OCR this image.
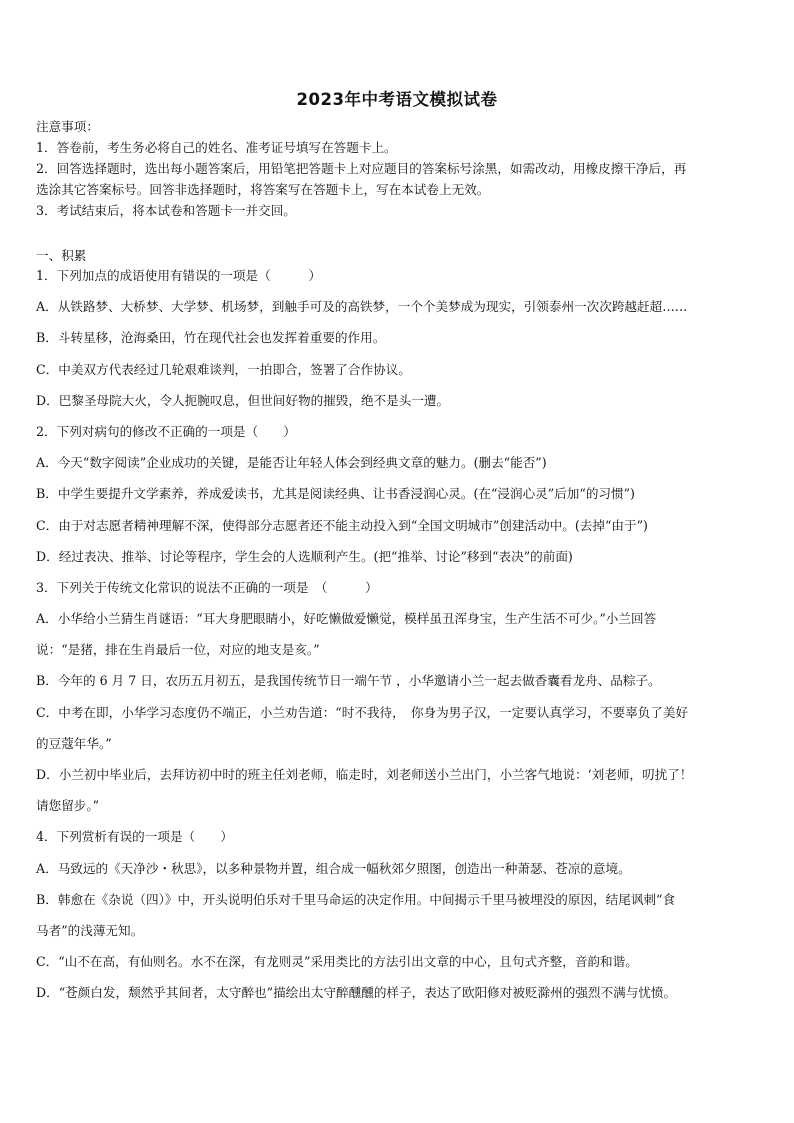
2023年中考语文模拟试卷
注意事项：
1．答卷前，考生务必将自己的姓名、准考证号填写在答题卡上。
2．回答选择题时，选出每小题答案后，用铅笔把答题卡上对应题目的答案标号涂黑，如需改动，用橡皮擦干净后，再
选涂其它答案标号。回答非选择题时，将答案写在答题卡上，写在本试卷上无效。
3．考试结束后，将本试卷和答题卡一并交回。
一、积累
1．下列加点的成语使用有错误的一项是（　　　）
A．从铁路梦、大桥梦、大学梦、机场梦，到触手可及的高铁梦，一个个美梦成为现实，引领泰州一次次跨越赶超……
B．斗转星移，沧海桑田，竹在现代社会也发挥着重要的作用。
C．中美双方代表经过几轮艰难谈判，一拍即合，签署了合作协议。
D．巴黎圣母院大火，令人扼腕叹息，但世间好物的摧毁，绝不是头一遭。
2．下列对病句的修改不正确的一项是（　　）
A．今天“数字阅读”企业成功的关键，是能否让年轻人体会到经典文章的魅力。(删去“能否”)
B．中学生要提升文学素养，养成爱读书，尤其是阅读经典、让书香浸润心灵。(在“浸润心灵”后加“的习惯”)
C．由于对志愿者精神理解不深，使得部分志愿者还不能主动投入到“全国文明城市”创建活动中。(去掉“由于”)
D．经过表决、推举、讨论等程序，学生会的人选顺利产生。(把“推举、讨论”移到“表决”的前面)
3．下列关于传统文化常识的说法不正确的一项是　（　　　）
A．小华给小兰猜生肖谜语：“耳大身肥眼睛小，好吃懒做爱懒觉，模样虽丑浑身宝，生产生活不可少。”小兰回答
说：“是猪，排在生肖最后一位，对应的地支是亥。”
B．今年的 6 月 7 日，农历五月初五，是我国传统节日一端午节 ，小华邀请小兰一起去做香囊看龙舟、品粽子。
C．中考在即，小华学习态度仍不端正，小兰劝告道：“时不我待，　你身为男子汉，一定要认真学习，不要辜负了美好
的豆蔻年华。”
D．小兰初中毕业后，去拜访初中时的班主任刘老师，临走时，刘老师送小兰出门，小兰客气地说：‘刘老师，叨扰了！
请您留步。”
4．下列赏析有误的一项是（　　）
A．马致远的《天净沙・秋思》，以多种景物并置，组合成一幅秋郊夕照图，创造出一种萧瑟、苍凉的意境。
B．韩愈在《杂说（四）》中，开头说明伯乐对千里马命运的决定作用。中间揭示千里马被埋没的原因，结尾讽刺“食
马者”的浅薄无知。
C．“山不在高，有仙则名。水不在深，有龙则灵”采用类比的方法引出文章的中心，且句式齐整，音韵和谐。
D．“苍颜白发，颓然乎其间者，太守醉也”描绘出太守醉醺醺的样子，表达了欧阳修对被贬滁州的强烈不满与忧愤。
